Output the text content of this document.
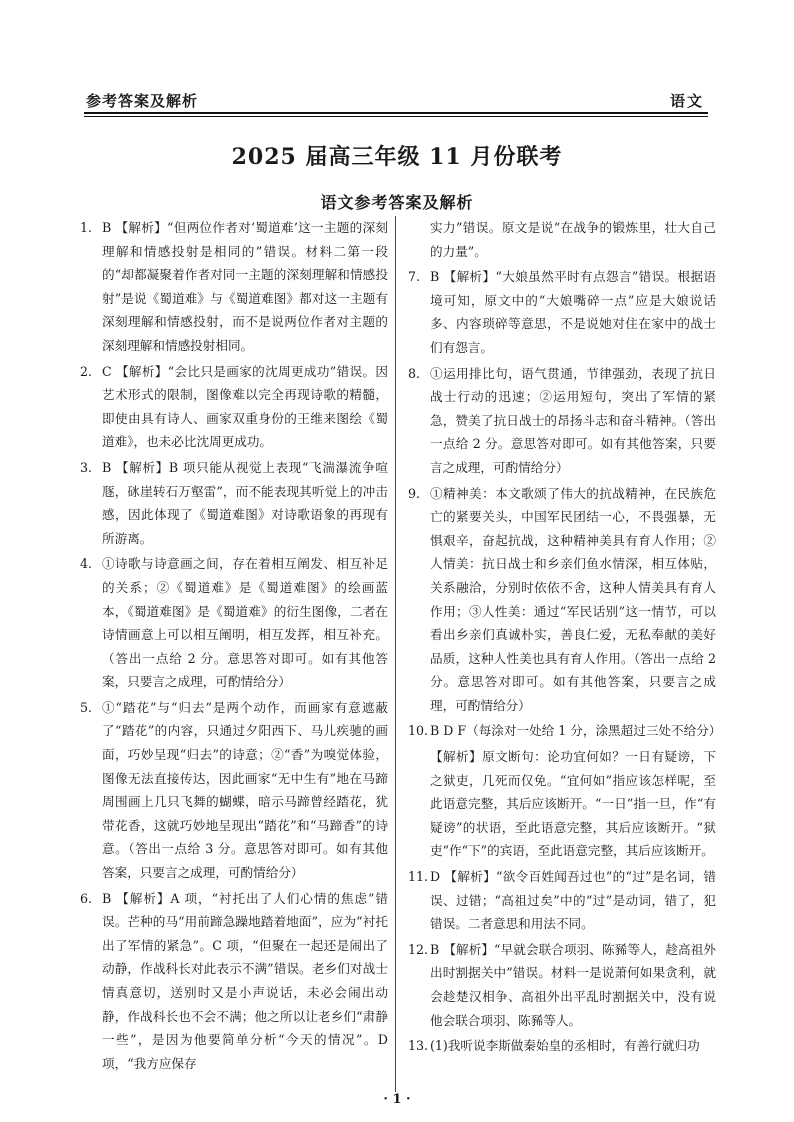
参考答案及解析	语文
2025 届高三年级 11 月份联考
语文参考答案及解析
1. B 【解析】“但两位作者对‘蜀道难’这一主题的深刻理解和情感投射是相同的”错误。材料二第一段的“却都凝聚着作者对同一主题的深刻理解和情感投射”是说《蜀道难》与《蜀道难图》都对这一主题有深刻理解和情感投射，而不是说两位作者对主题的深刻理解和情感投射相同。
2. C 【解析】“会比只是画家的沈周更成功”错误。因艺术形式的限制，图像难以完全再现诗歌的精髓，即使由具有诗人、画家双重身份的王维来图绘《蜀道难》，也未必比沈周更成功。
3. B 【解析】B 项只能从视觉上表现“飞湍瀑流争喧豗，砯崖转石万壑雷”，而不能表现其听觉上的冲击感，因此体现了《蜀道难图》对诗歌语象的再现有所游离。
4. ①诗歌与诗意画之间，存在着相互阐发、相互补足的关系；②《蜀道难》是《蜀道难图》的绘画蓝本，《蜀道难图》是《蜀道难》的衍生图像，二者在诗情画意上可以相互阐明，相互发挥，相互补充。（答出一点给 2 分。意思答对即可。如有其他答案，只要言之成理，可酌情给分）
5. ①“踏花”与“归去”是两个动作，而画家有意遮蔽了“踏花”的内容，只通过夕阳西下、马儿疾驰的画面，巧妙呈现“归去”的诗意；②“香”为嗅觉体验，图像无法直接传达，因此画家“无中生有”地在马蹄周围画上几只飞舞的蝴蝶，暗示马蹄曾经踏花，犹带花香，这就巧妙地呈现出“踏花”和“马蹄香”的诗意。（答出一点给 3 分。意思答对即可。如有其他答案，只要言之成理，可酌情给分）
6. B 【解析】A 项，“衬托出了人们心情的焦虑”错误。芒种的马“用前蹄急躁地踏着地面”，应为“衬托出了军情的紧急”。C 项，“但聚在一起还是闹出了动静，作战科长对此表示不满”错误。老乡们对战士情真意切，送别时又是小声说话，未必会闹出动静，作战科长也不会不满；他之所以让老乡们“肃静一些”，是因为他要简单分析“今天的情况”。D 项，“我方应保存
实力”错误。原文是说“在战争的锻炼里，壮大自己的力量”。
7. B 【解析】“大娘虽然平时有点怨言”错误。根据语境可知，原文中的“大娘嘴碎一点”应是大娘说话多、内容琐碎等意思，不是说她对住在家中的战士们有怨言。
8. ①运用排比句，语气贯通，节律强劲，表现了抗日战士行动的迅速；②运用短句，突出了军情的紧急，赞美了抗日战士的昂扬斗志和奋斗精神。（答出一点给 2 分。意思答对即可。如有其他答案，只要言之成理，可酌情给分）
9. ①精神美：本文歌颂了伟大的抗战精神，在民族危亡的紧要关头，中国军民团结一心，不畏强暴，无惧艰辛，奋起抗战，这种精神美具有育人作用；②人情美：抗日战士和乡亲们鱼水情深，相互体贴，关系融洽，分别时依依不舍，这种人情美具有育人作用；③人性美：通过“军民话别”这一情节，可以看出乡亲们真诚朴实，善良仁爱，无私奉献的美好品质，这种人性美也具有育人作用。（答出一点给 2 分。意思答对即可。如有其他答案，只要言之成理，可酌情给分）
10. B D F（每涂对一处给 1 分，涂黑超过三处不给分）
【解析】原文断句：论功宜何如？一日有疑谤，下之狱吏，几死而仅免。“宜何如”指应该怎样呢，至此语意完整，其后应该断开。“一日”指一旦，作“有疑谤”的状语，至此语意完整，其后应该断开。“狱吏”作“下”的宾语，至此语意完整，其后应该断开。
11. D 【解析】“欲令百姓闻吾过也”的“过”是名词，错误、过错；“高祖过矣”中的“过”是动词，错了，犯错误。二者意思和用法不同。
12. B 【解析】“早就会联合项羽、陈豨等人，趁高祖外出时割据关中”错误。材料一是说萧何如果贪利，就会趁楚汉相争、高祖外出平乱时割据关中，没有说他会联合项羽、陈豨等人。
13. (1)我听说李斯做秦始皇的丞相时，有善行就归功
· 1 ·
